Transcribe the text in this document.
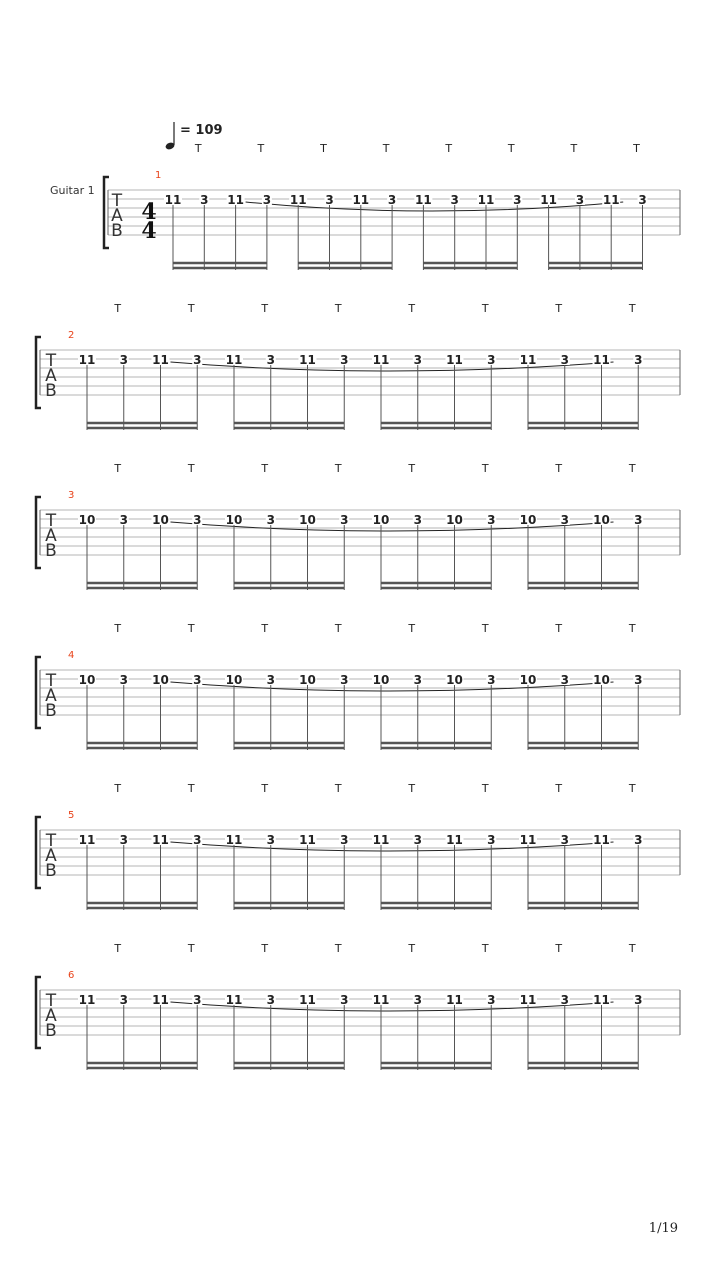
= 109
Guitar 1
T
A
B
4
4
1
T	T	T	T	T	T	T	T
11 3 11 3 11 3 11 3 11 3 11 3 11 3 11 3
T
A
B
2
T	T	T	T	T	T	T	T
11 3 11 3 11 3 11 3 11 3 11 3 11 3 11 3
T
A
B
3
T	T	T	T	T	T	T	T
10 3 10 3 10 3 10 3 10 3 10 3 10 3 10 3
T
A
B
4
T	T	T	T	T	T	T	T
10 3 10 3 10 3 10 3 10 3 10 3 10 3 10 3
T
A
B
5
T	T	T	T	T	T	T	T
11 3 11 3 11 3 11 3 11 3 11 3 11 3 11 3
T
A
B
6
T	T	T	T	T	T	T	T
11 3 11 3 11 3 11 3 11 3 11 3 11 3 11 3
1/19
